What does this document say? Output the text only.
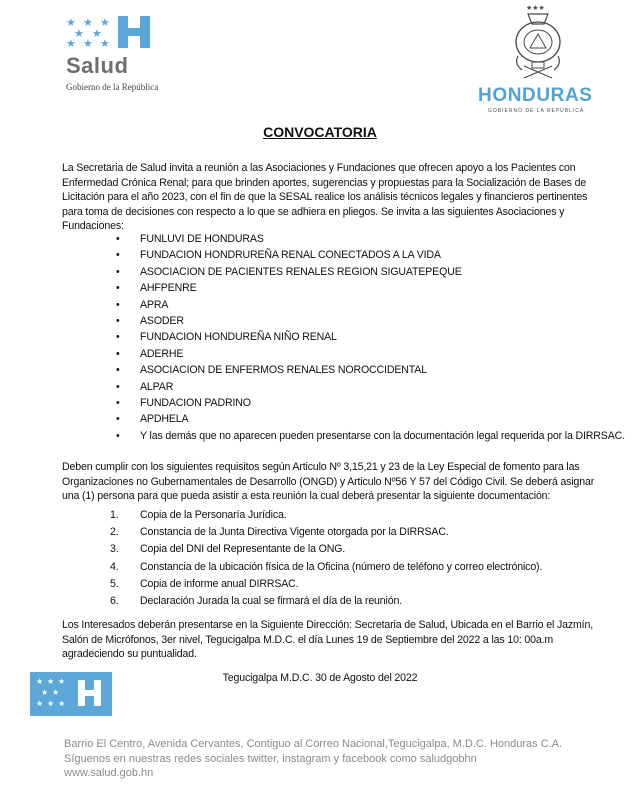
★ ★ ★
★ ★
★ ★ ★
Salud
Gobierno de la República
★★★
HONDURAS
GOBIERNO DE LA REPÚBLICA
CONVOCATORIA
La Secretaria de Salud invita a reunión a las Asociaciones y Fundaciones que ofrecen apoyo a los Pacientes con Enfermedad Crónica Renal; para que brinden aportes, sugerencias y propuestas para la Socialización de Bases de Licitación para el año 2023, con el fin de que la SESAL realice los análisis técnicos legales y financieros pertinentes para toma de decisiones con respecto a lo que se adhiera en pliegos. Se invita a las siguientes Asociaciones y Fundaciones:
• FUNLUVI DE HONDURAS
• FUNDACION HONDRUREÑA RENAL CONECTADOS A LA VIDA
• ASOCIACION DE PACIENTES RENALES REGION SIGUATEPEQUE
• AHFPENRE
• APRA
• ASODER
• FUNDACION HONDUREÑA NIÑO RENAL
• ADERHE
• ASOCIACION DE ENFERMOS RENALES NOROCCIDENTAL
• ALPAR
• FUNDACION PADRINO
• APDHELA
• Y las demás que no aparecen pueden presentarse con la documentación legal requerida por la DIRRSAC.
Deben cumplir con los siguientes requisitos según Articulo Nº 3,15,21 y 23 de la Ley Especial de fomento para las Organizaciones no Gubernamentales de Desarrollo (ONGD) y Articulo Nº56 Y 57 del Código Civil. Se deberá asignar una (1) persona para que pueda asistir a esta reunión la cual deberá presentar la siguiente documentación:
1. Copia de la Personaría Jurídica.
2. Constancia de la Junta Directiva Vigente otorgada por la DIRRSAC.
3. Copia del DNI del Representante de la ONG.
4. Constancia de la ubicación física de la Oficina (número de teléfono y correo electrónico).
5. Copia de informe anual DIRRSAC.
6. Declaración Jurada la cual se firmará el día de la reunión.
Los Interesados deberán presentarse en la Siguiente Dirección: Secretaria de Salud, Ubicada en el Barrio el Jazmín, Salón de Micrófonos, 3er nivel, Tegucigalpa M.D.C. el día Lunes 19 de Septiembre del 2022 a las 10: 00a.m agradeciendo su puntualidad.
Tegucigalpa M.D.C. 30 de Agosto del 2022
★ ★ ★
★ ★
★ ★ ★
Barrio El Centro, Avenida Cervantes, Contiguo al Correo Nacional,Tegucigalpa, M.D.C. Honduras C.A.
Síguenos en nuestras redes sociales twitter, instagram y facebook como saludgobhn
www.salud.gob.hn
